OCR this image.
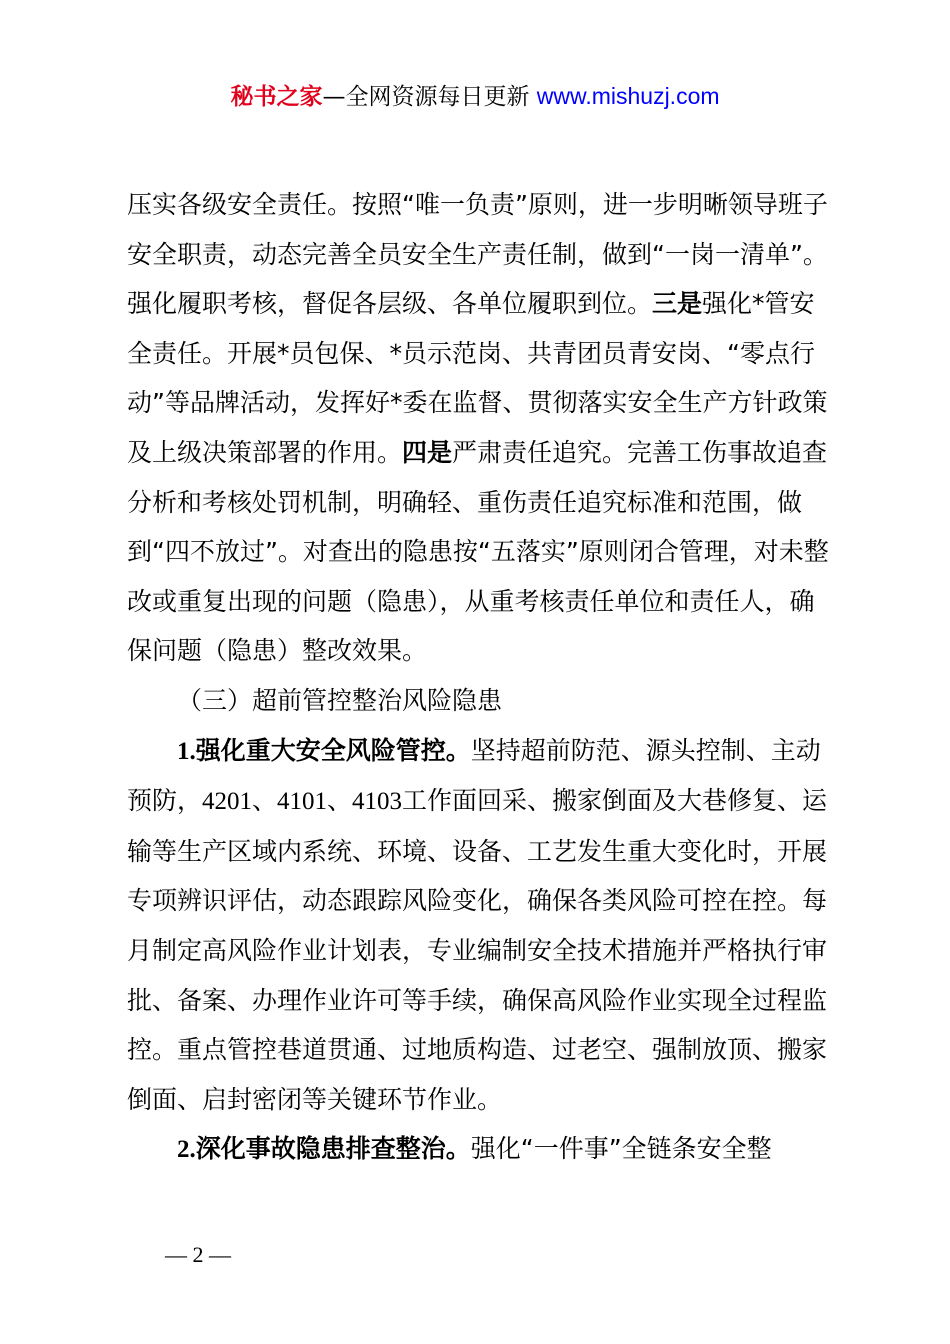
秘书之家—全网资源每日更新 www.mishuzj.com

压实各级安全责任。按照“唯一负责”原则，进一步明晰领导班子安全职责，动态完善全员安全生产责任制，做到“一岗一清单”。强化履职考核，督促各层级、各单位履职到位。三是强化*管安全责任。开展*员包保、*员示范岗、共青团员青安岗、“零点行动”等品牌活动，发挥好*委在监督、贯彻落实安全生产方针政策及上级决策部署的作用。四是严肃责任追究。完善工伤事故追查分析和考核处罚机制，明确轻、重伤责任追究标准和范围，做到“四不放过”。对查出的隐患按“五落实”原则闭合管理，对未整改或重复出现的问题（隐患），从重考核责任单位和责任人，确保问题（隐患）整改效果。

（三）超前管控整治风险隐患

1.强化重大安全风险管控。坚持超前防范、源头控制、主动预防，4201、4101、4103工作面回采、搬家倒面及大巷修复、运输等生产区域内系统、环境、设备、工艺发生重大变化时，开展专项辨识评估，动态跟踪风险变化，确保各类风险可控在控。每月制定高风险作业计划表，专业编制安全技术措施并严格执行审批、备案、办理作业许可等手续，确保高风险作业实现全过程监控。重点管控巷道贯通、过地质构造、过老空、强制放顶、搬家倒面、启封密闭等关键环节作业。

2.深化事故隐患排查整治。强化“一件事”全链条安全整

— 2 —
